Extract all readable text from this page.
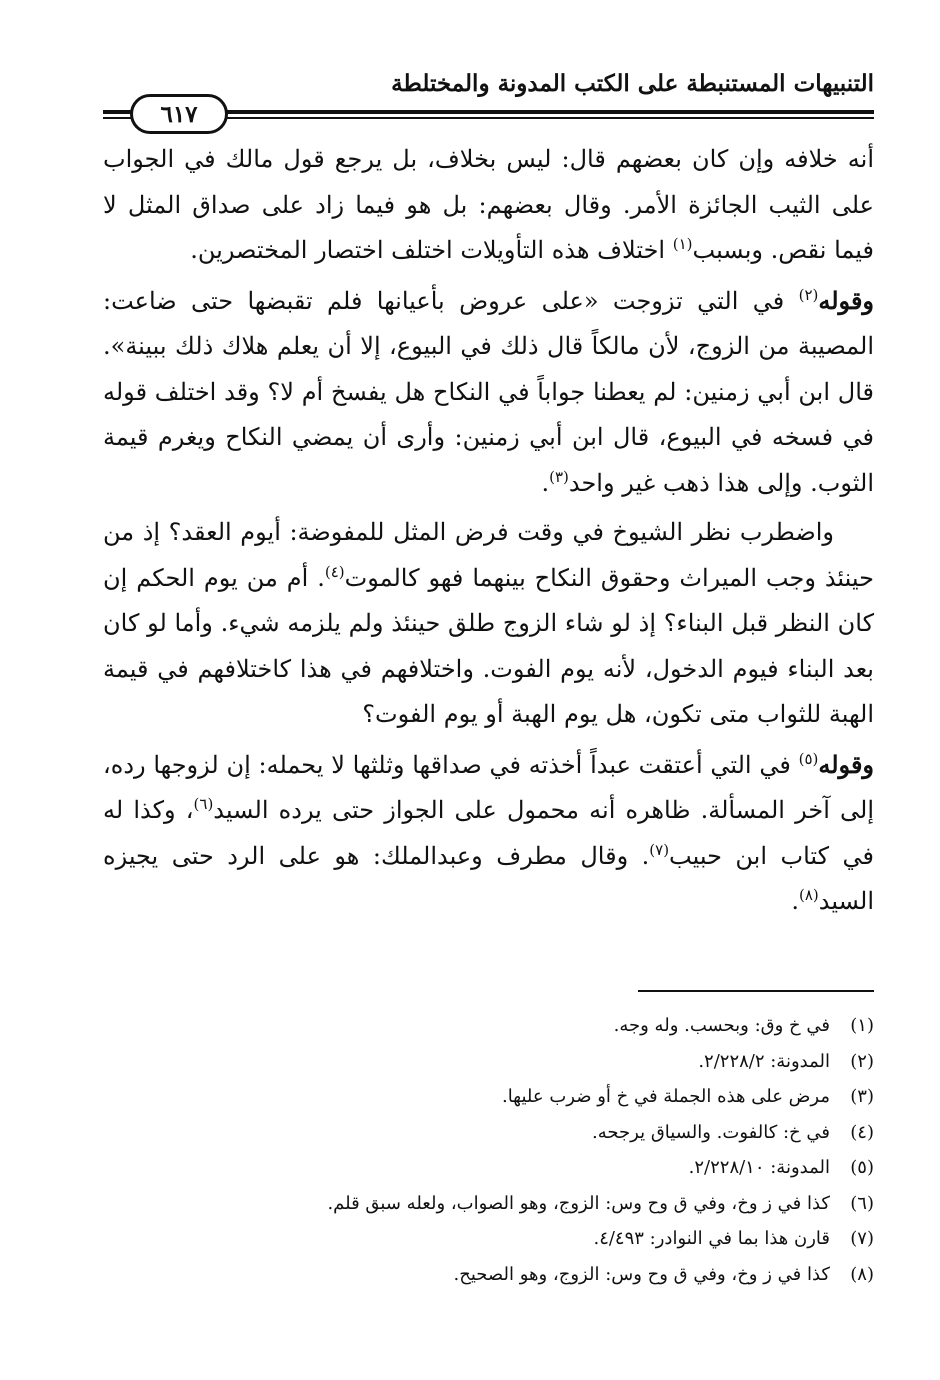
التنبيهات المستنبطة على الكتب المدونة والمختلطة
٦١٧

أنه خلافه وإن كان بعضهم قال: ليس بخلاف، بل يرجع قول مالك في الجواب على الثيب الجائزة الأمر. وقال بعضهم: بل هو فيما زاد على صداق المثل لا فيما نقص. وبسبب$^{(١)}$ اختلاف هذه التأويلات اختلف اختصار المختصرين.

وقوله$^{(٢)}$ في التي تزوجت «على عروض بأعيانها فلم تقبضها حتى ضاعت: المصيبة من الزوج، لأن مالكاً قال ذلك في البيوع، إلا أن يعلم هلاك ذلك ببينة». قال ابن أبي زمنين: لم يعطنا جواباً في النكاح هل يفسخ أم لا؟ وقد اختلف قوله في فسخه في البيوع، قال ابن أبي زمنين: وأرى أن يمضي النكاح ويغرم قيمة الثوب. وإلى هذا ذهب غير واحد$^{(٣)}$.

واضطرب نظر الشيوخ في وقت فرض المثل للمفوضة: أيوم العقد؟ إذ من حينئذ وجب الميراث وحقوق النكاح بينهما فهو كالموت$^{(٤)}$. أم من يوم الحكم إن كان النظر قبل البناء؟ إذ لو شاء الزوج طلق حينئذ ولم يلزمه شيء. وأما لو كان بعد البناء فيوم الدخول، لأنه يوم الفوت. واختلافهم في هذا كاختلافهم في قيمة الهبة للثواب متى تكون، هل يوم الهبة أو يوم الفوت؟

وقوله$^{(٥)}$ في التي أعتقت عبداً أخذته في صداقها وثلثها لا يحمله: إن لزوجها رده، إلى آخر المسألة. ظاهره أنه محمول على الجواز حتى يرده السيد$^{(٦)}$، وكذا له في كتاب ابن حبيب$^{(٧)}$. وقال مطرف وعبدالملك: هو على الرد حتى يجيزه السيد$^{(٨)}$.

(١)
في خ وق: وبحسب. وله وجه.
(٢)
المدونة: ٢/٢٢٨/٢.
(٣)
مرض على هذه الجملة في خ أو ضرب عليها.
(٤)
في خ: كالفوت. والسياق يرجحه.
(٥)
المدونة: ٢/٢٢٨/١٠.
(٦)
كذا في ز وخ، وفي ق وح وس: الزوج، وهو الصواب، ولعله سبق قلم.
(٧)
قارن هذا بما في النوادر: ٤/٤٩٣.
(٨)
كذا في ز وخ، وفي ق وح وس: الزوج، وهو الصحيح.
